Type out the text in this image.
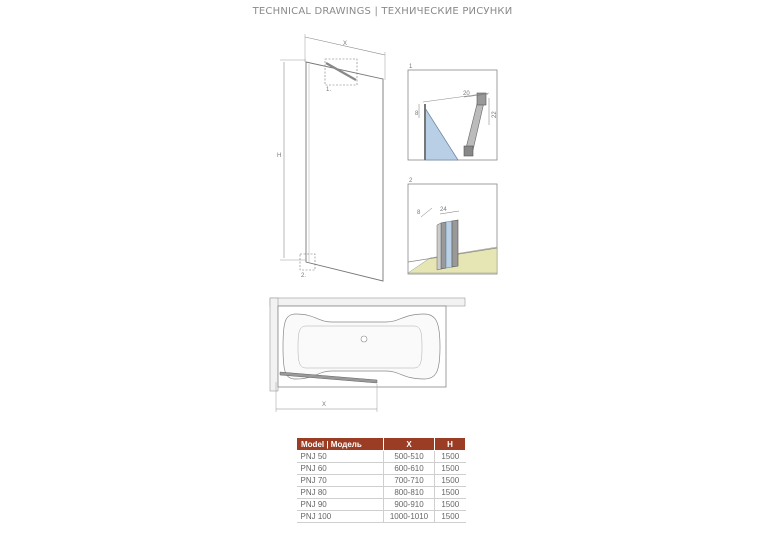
TECHNICAL DRAWINGS | ТЕХНИЧЕСКИЕ РИСУНКИ
X
H
1.
2.
1
20
22
8
2
24
8
X
Model | Модель	X	H
PNJ 50	500-510	1500
PNJ 60	600-610	1500
PNJ 70	700-710	1500
PNJ 80	800-810	1500
PNJ 90	900-910	1500
PNJ 100	1000-1010	1500
